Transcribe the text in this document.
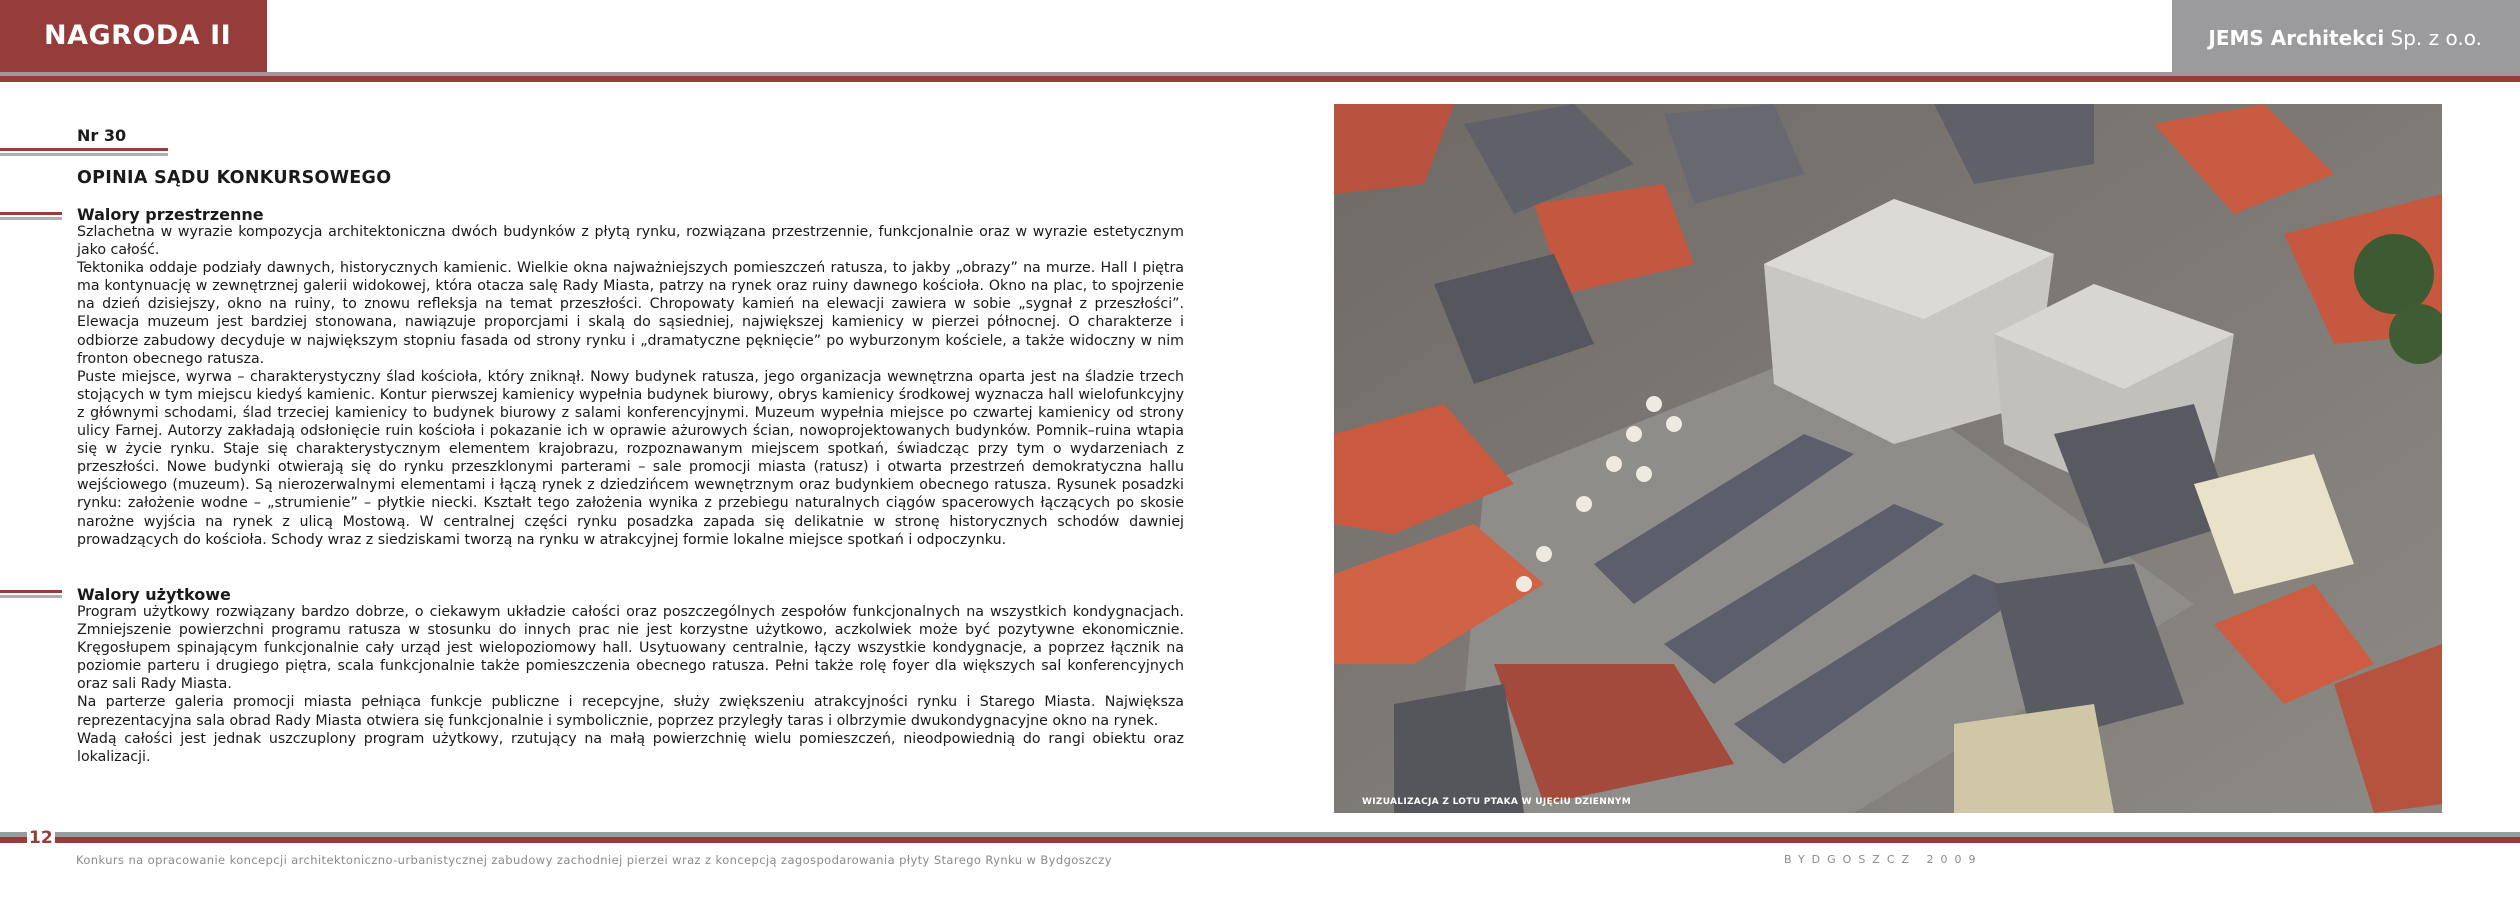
NAGRODA II	JEMS Architekci Sp. z o.o.
Nr 30
OPINIA SĄDU KONKURSOWEGO
Walory przestrzenne

Szlachetna w wyrazie kompozycja architektoniczna dwóch budynków z płytą rynku, rozwiązana przestrzennie, funkcjonalnie oraz w wyrazie estetycznym jako całość.

Tektonika oddaje podziały dawnych, historycznych kamienic. Wielkie okna najważniejszych pomieszczeń ratusza, to jakby „obrazy” na murze. Hall I piętra ma kontynuację w zewnętrznej galerii widokowej, która otacza salę Rady Miasta, patrzy na rynek oraz ruiny dawnego kościoła. Okno na plac, to spojrzenie na dzień dzisiejszy, okno na ruiny, to znowu refleksja na temat przeszłości. Chropowaty kamień na elewacji zawiera w sobie „sygnał z przeszłości”. Elewacja muzeum jest bardziej stonowana, nawiązuje proporcjami i skalą do sąsiedniej, największej kamienicy w pierzei północnej. O charakterze i odbiorze zabudowy decyduje w największym stopniu fasada od strony rynku i „dramatyczne pęknięcie” po wyburzonym kościele, a także widoczny w nim fronton obecnego ratusza.

Puste miejsce, wyrwa – charakterystyczny ślad kościoła, który zniknął. Nowy budynek ratusza, jego organizacja wewnętrzna oparta jest na śladzie trzech stojących w tym miejscu kiedyś kamienic. Kontur pierwszej kamienicy wypełnia budynek biurowy, obrys kamienicy środkowej wyznacza hall wielofunkcyjny z głównymi schodami, ślad trzeciej kamienicy to budynek biurowy z salami konferencyjnymi. Muzeum wypełnia miejsce po czwartej kamienicy od strony ulicy Farnej. Autorzy zakładają odsłonięcie ruin kościoła i pokazanie ich w oprawie ażurowych ścian, nowoprojektowanych budynków. Pomnik–ruina wtapia się w życie rynku. Staje się charakterystycznym elementem krajobrazu, rozpoznawanym miejscem spotkań, świadcząc przy tym o wydarzeniach z przeszłości. Nowe budynki otwierają się do rynku przeszklonymi parterami – sale promocji miasta (ratusz) i otwarta przestrzeń demokratyczna hallu wejściowego (muzeum). Są nierozerwalnymi elementami i łączą rynek z dziedzińcem wewnętrznym oraz budynkiem obecnego ratusza. Rysunek posadzki rynku: założenie wodne – „strumienie” – płytkie niecki. Kształt tego założenia wynika z przebiegu naturalnych ciągów spacerowych łączących po skosie narożne wyjścia na rynek z ulicą Mostową. W centralnej części rynku posadzka zapada się delikatnie w stronę historycznych schodów dawniej prowadzących do kościoła. Schody wraz z siedziskami tworzą na rynku w atrakcyjnej formie lokalne miejsce spotkań i odpoczynku.

Walory użytkowe

Program użytkowy rozwiązany bardzo dobrze, o ciekawym układzie całości oraz poszczególnych zespołów funkcjonalnych na wszystkich kondygnacjach. Zmniejszenie powierzchni programu ratusza w stosunku do innych prac nie jest korzystne użytkowo, aczkolwiek może być pozytywne ekonomicznie. Kręgosłupem spinającym funkcjonalnie cały urząd jest wielopoziomowy hall. Usytuowany centralnie, łączy wszystkie kondygnacje, a poprzez łącznik na poziomie parteru i drugiego piętra, scala funkcjonalnie także pomieszczenia obecnego ratusza. Pełni także rolę foyer dla większych sal konferencyjnych oraz sali Rady Miasta.

Na parterze galeria promocji miasta pełniąca funkcje publiczne i recepcyjne, służy zwiększeniu atrakcyjności rynku i Starego Miasta. Największa reprezentacyjna sala obrad Rady Miasta otwiera się funkcjonalnie i symbolicznie, poprzez przyległy taras i olbrzymie dwukondygnacyjne okno na rynek.

Wadą całości jest jednak uszczuplony program użytkowy, rzutujący na małą powierzchnię wielu pomieszczeń, nieodpowiednią do rangi obiektu oraz lokalizacji.

WIZUALIZACJA Z LOTU PTAKA W UJĘCIU DZIENNYM
12
Konkurs na opracowanie koncepcji architektoniczno-urbanistycznej zabudowy zachodniej pierzei wraz z koncepcją zagospodarowania płyty Starego Rynku w Bydgoszczy	BYDGOSZCZ 2009
